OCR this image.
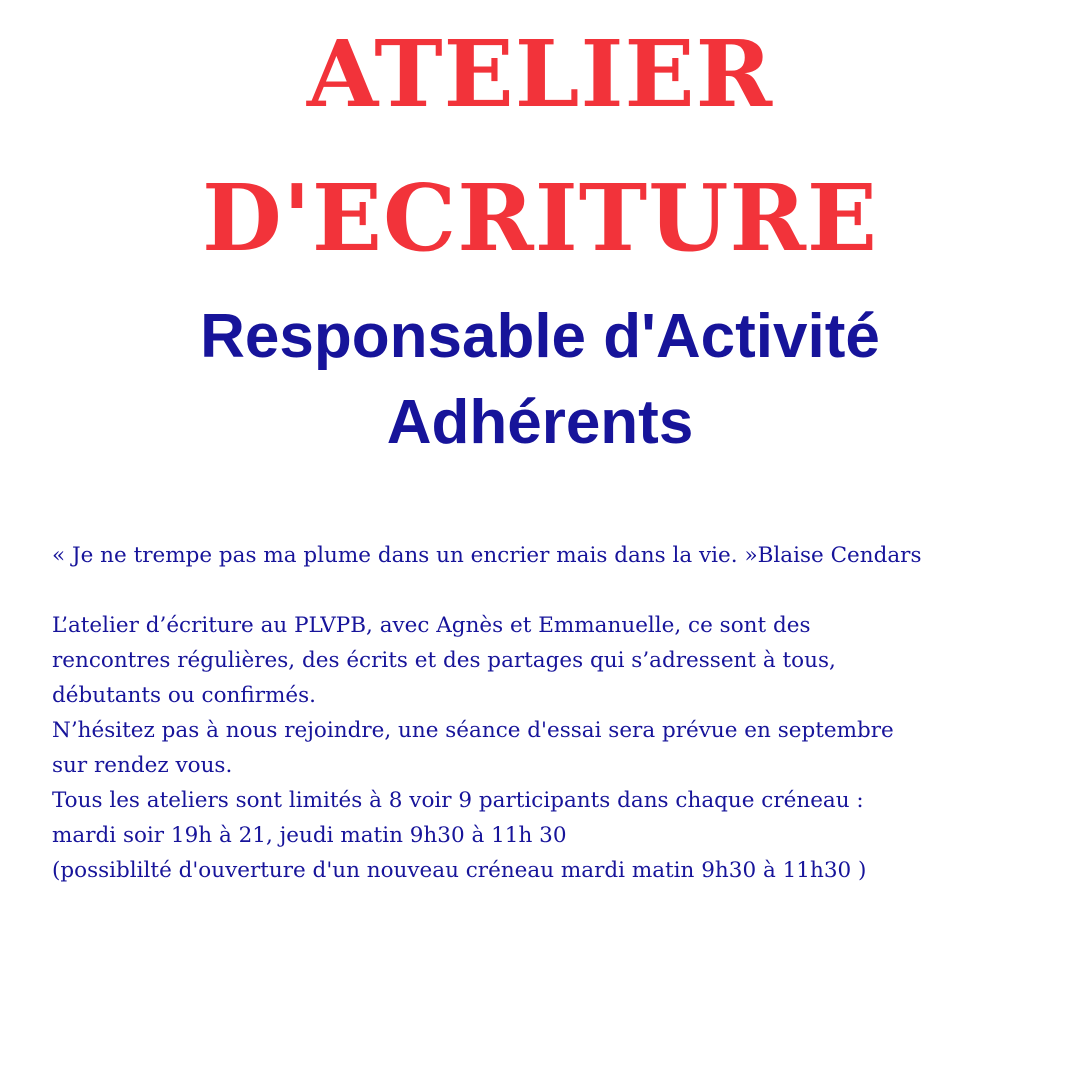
ATELIER
D'ECRITURE
Responsable d'Activité
Adhérents

« Je ne trempe pas ma plume dans un encrier mais dans la vie. »Blaise Cendars

L’atelier d’écriture au PLVPB, avec Agnès et Emmanuelle, ce sont des

rencontres régulières, des écrits et des partages qui s’adressent à tous,

débutants ou confirmés.

N’hésitez pas à nous rejoindre, une séance d'essai sera prévue en septembre

sur rendez vous.

Tous les ateliers sont limités à 8 voir 9 participants dans chaque créneau :

mardi soir 19h à 21, jeudi matin 9h30 à 11h 30

(possiblilté d'ouverture d'un nouveau créneau mardi matin 9h30 à 11h30 )
